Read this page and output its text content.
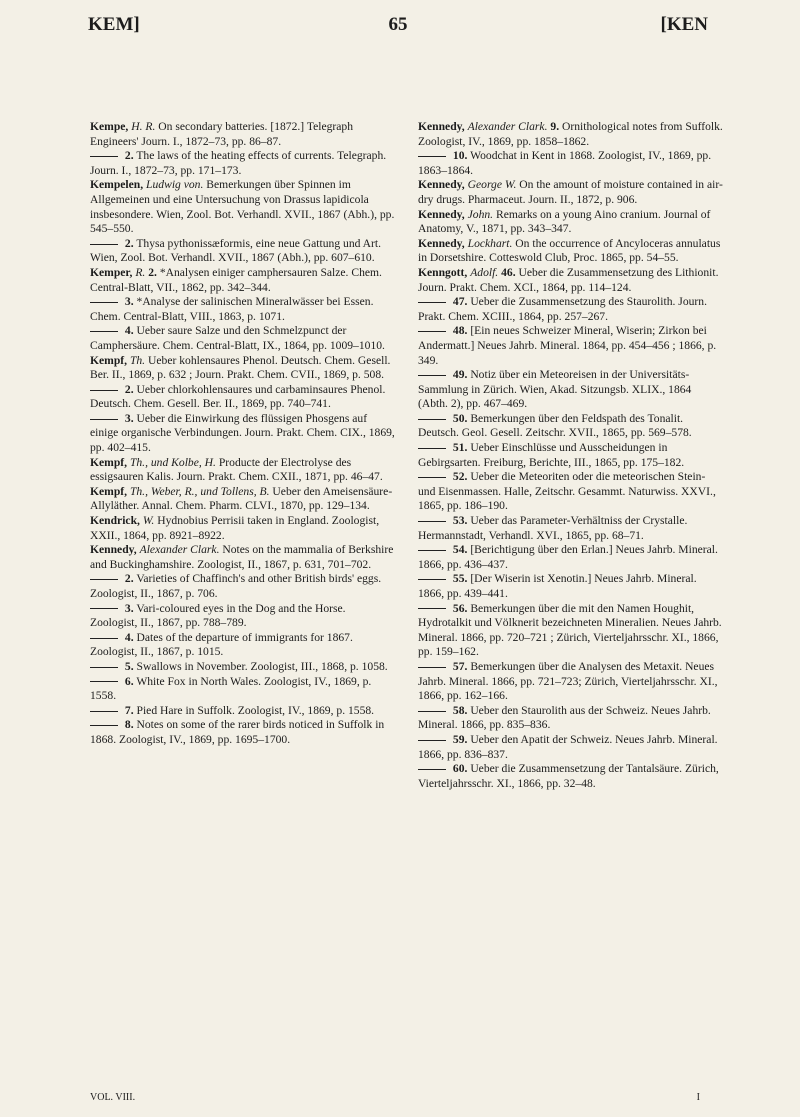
KEM]	65	[KEN

Kempe, H. R. On secondary batteries. [1872.] Telegraph Engineers' Journ. I., 1872–73, pp. 86–87.

2. The laws of the heating effects of currents. Telegraph. Journ. I., 1872–73, pp. 171–173.

Kempelen, Ludwig von. Bemerkungen über Spinnen im Allgemeinen und eine Untersuchung von Drassus lapidicola insbesondere. Wien, Zool. Bot. Verhandl. XVII., 1867 (Abh.), pp. 545–550.

2. Thysa pythonissæformis, eine neue Gattung und Art. Wien, Zool. Bot. Verhandl. XVII., 1867 (Abh.), pp. 607–610.

Kemper, R. 2. *Analysen einiger camphersauren Salze. Chem. Central-Blatt, VII., 1862, pp. 342–344.

3. *Analyse der salinischen Mineralwässer bei Essen. Chem. Central-Blatt, VIII., 1863, p. 1071.

4. Ueber saure Salze und den Schmelzpunct der Camphersäure. Chem. Central-Blatt, IX., 1864, pp. 1009–1010.

Kempf, Th. Ueber kohlensaures Phenol. Deutsch. Chem. Gesell. Ber. II., 1869, p. 632 ; Journ. Prakt. Chem. CVII., 1869, p. 508.

2. Ueber chlorkohlensaures und carbaminsaures Phenol. Deutsch. Chem. Gesell. Ber. II., 1869, pp. 740–741.

3. Ueber die Einwirkung des flüssigen Phosgens auf einige organische Verbindungen. Journ. Prakt. Chem. CIX., 1869, pp. 402–415.

Kempf, Th., und Kolbe, H. Producte der Electrolyse des essigsauren Kalis. Journ. Prakt. Chem. CXII., 1871, pp. 46–47.

Kempf, Th., Weber, R., und Tollens, B. Ueber den Ameisensäure-Allyläther. Annal. Chem. Pharm. CLVI., 1870, pp. 129–134.

Kendrick, W. Hydnobius Perrisii taken in England. Zoologist, XXII., 1864, pp. 8921–8922.

Kennedy, Alexander Clark. Notes on the mammalia of Berkshire and Buckinghamshire. Zoologist, II., 1867, p. 631, 701–702.

2. Varieties of Chaffinch's and other British birds' eggs. Zoologist, II., 1867, p. 706.

3. Vari-coloured eyes in the Dog and the Horse. Zoologist, II., 1867, pp. 788–789.

4. Dates of the departure of immigrants for 1867. Zoologist, II., 1867, p. 1015.

5. Swallows in November. Zoologist, III., 1868, p. 1058.

6. White Fox in North Wales. Zoologist, IV., 1869, p. 1558.

7. Pied Hare in Suffolk. Zoologist, IV., 1869, p. 1558.

8. Notes on some of the rarer birds noticed in Suffolk in 1868. Zoologist, IV., 1869, pp. 1695–1700.

Kennedy, Alexander Clark. 9. Ornithological notes from Suffolk. Zoologist, IV., 1869, pp. 1858–1862.

10. Woodchat in Kent in 1868. Zoologist, IV., 1869, pp. 1863–1864.

Kennedy, George W. On the amount of moisture contained in air-dry drugs. Pharmaceut. Journ. II., 1872, p. 906.

Kennedy, John. Remarks on a young Aino cranium. Journal of Anatomy, V., 1871, pp. 343–347.

Kennedy, Lockhart. On the occurrence of Ancyloceras annulatus in Dorsetshire. Cotteswold Club, Proc. 1865, pp. 54–55.

Kenngott, Adolf. 46. Ueber die Zusammensetzung des Lithionit. Journ. Prakt. Chem. XCI., 1864, pp. 114–124.

47. Ueber die Zusammensetzung des Staurolith. Journ. Prakt. Chem. XCIII., 1864, pp. 257–267.

48. [Ein neues Schweizer Mineral, Wiserin; Zirkon bei Andermatt.] Neues Jahrb. Mineral. 1864, pp. 454–456 ; 1866, p. 349.

49. Notiz über ein Meteoreisen in der Universitäts-Sammlung in Zürich. Wien, Akad. Sitzungsb. XLIX., 1864 (Abth. 2), pp. 467–469.

50. Bemerkungen über den Feldspath des Tonalit. Deutsch. Geol. Gesell. Zeitschr. XVII., 1865, pp. 569–578.

51. Ueber Einschlüsse und Ausscheidungen in Gebirgsarten. Freiburg, Berichte, III., 1865, pp. 175–182.

52. Ueber die Meteoriten oder die meteorischen Stein- und Eisenmassen. Halle, Zeitschr. Gesammt. Naturwiss. XXVI., 1865, pp. 186–190.

53. Ueber das Parameter-Verhältniss der Crystalle. Hermannstadt, Verhandl. XVI., 1865, pp. 68–71.

54. [Berichtigung über den Erlan.] Neues Jahrb. Mineral. 1866, pp. 436–437.

55. [Der Wiserin ist Xenotin.] Neues Jahrb. Mineral. 1866, pp. 439–441.

56. Bemerkungen über die mit den Namen Houghit, Hydrotalkit und Völknerit bezeichneten Mineralien. Neues Jahrb. Mineral. 1866, pp. 720–721 ; Zürich, Vierteljahrsschr. XI., 1866, pp. 159–162.

57. Bemerkungen über die Analysen des Metaxit. Neues Jahrb. Mineral. 1866, pp. 721–723; Zürich, Vierteljahrsschr. XI., 1866, pp. 162–166.

58. Ueber den Staurolith aus der Schweiz. Neues Jahrb. Mineral. 1866, pp. 835–836.

59. Ueber den Apatit der Schweiz. Neues Jahrb. Mineral. 1866, pp. 836–837.

60. Ueber die Zusammensetzung der Tantalsäure. Zürich, Vierteljahrsschr. XI., 1866, pp. 32–48.

VOL. VIII.	I
